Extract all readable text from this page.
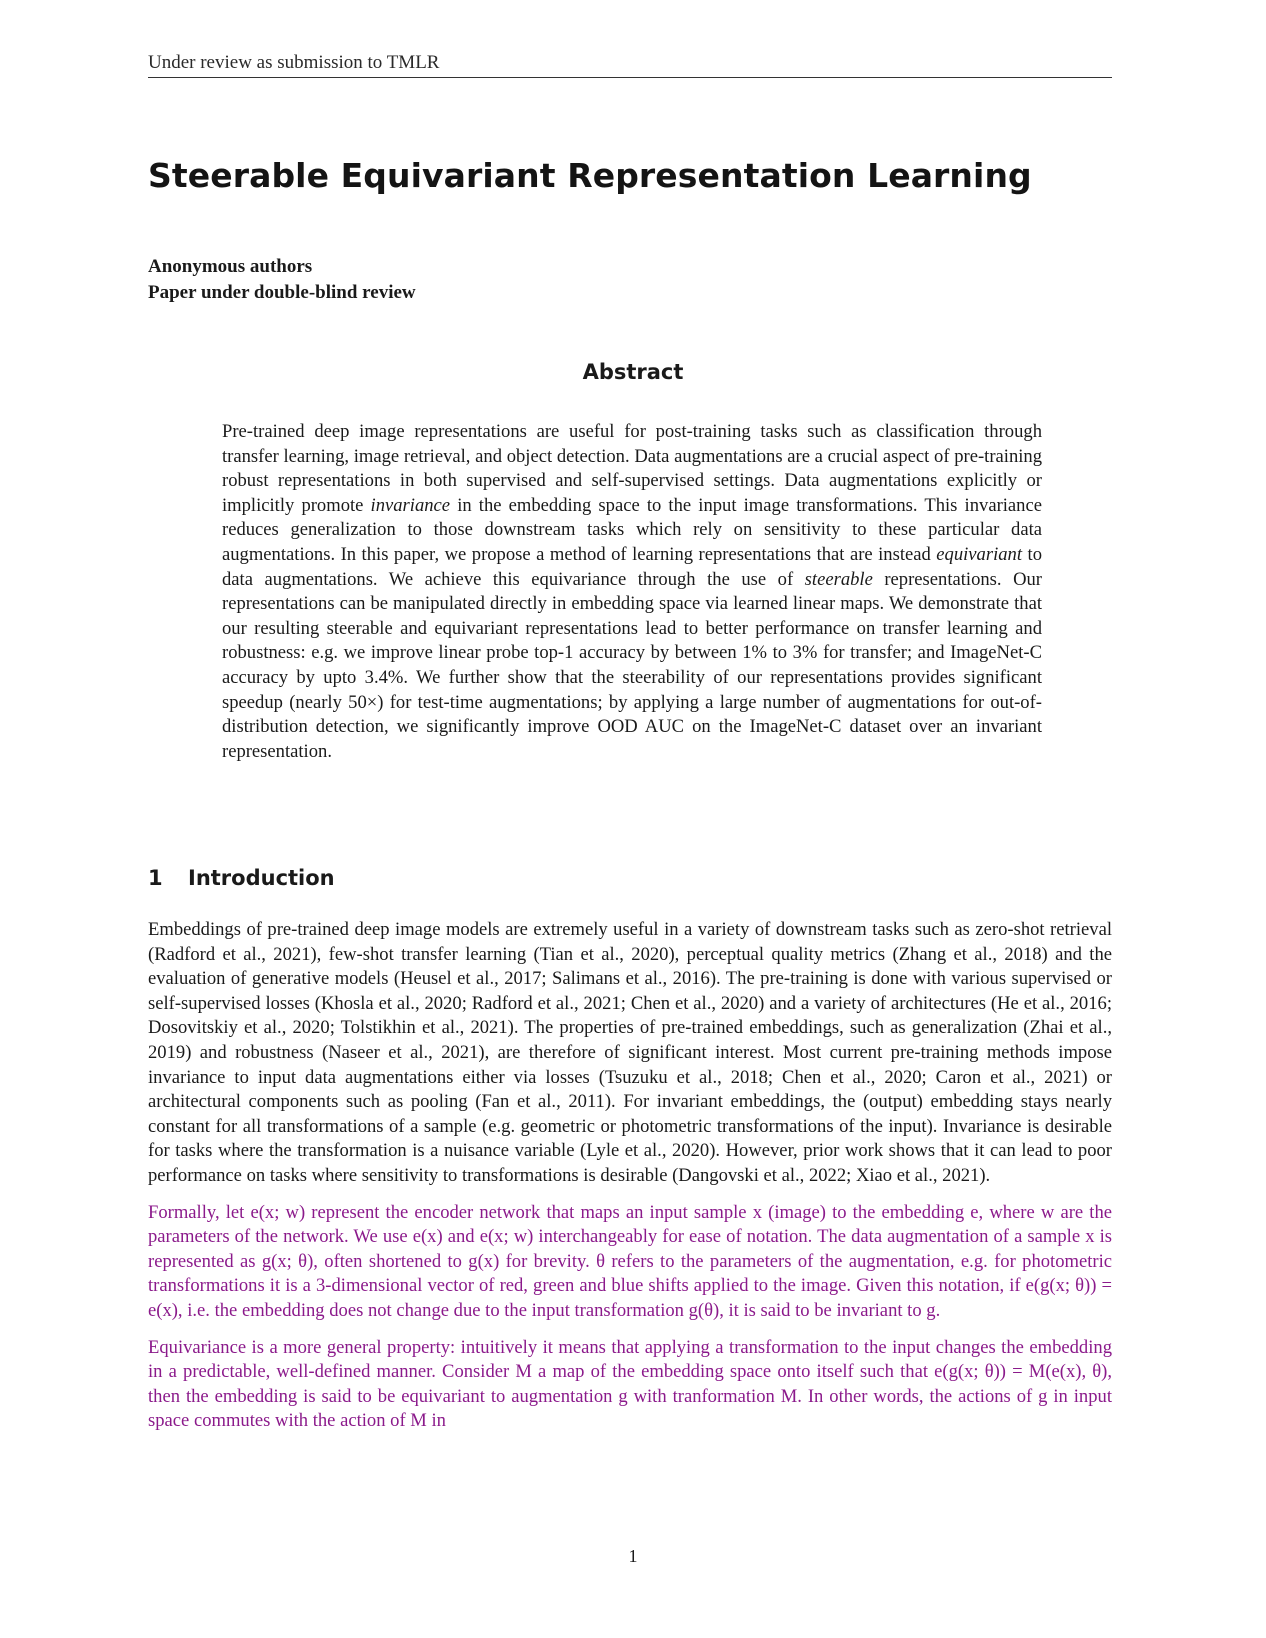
Under review as submission to TMLR
Steerable Equivariant Representation Learning
Anonymous authors
Paper under double-blind review
Abstract
Pre-trained deep image representations are useful for post-training tasks such as classification through transfer learning, image retrieval, and object detection. Data augmentations are a crucial aspect of pre-training robust representations in both supervised and self-supervised settings. Data augmentations explicitly or implicitly promote invariance in the embedding space to the input image transformations. This invariance reduces generalization to those downstream tasks which rely on sensitivity to these particular data augmentations. In this paper, we propose a method of learning representations that are instead equivariant to data augmentations. We achieve this equivariance through the use of steerable representations. Our representations can be manipulated directly in embedding space via learned linear maps. We demonstrate that our resulting steerable and equivariant representations lead to better performance on transfer learning and robustness: e.g. we improve linear probe top-1 accuracy by between 1% to 3% for transfer; and ImageNet-C accuracy by upto 3.4%. We further show that the steerability of our representations provides significant speedup (nearly 50×) for test-time augmentations; by applying a large number of augmentations for out-of-distribution detection, we significantly improve OOD AUC on the ImageNet-C dataset over an invariant representation.
1 Introduction

Embeddings of pre-trained deep image models are extremely useful in a variety of downstream tasks such as zero-shot retrieval (Radford et al., 2021), few-shot transfer learning (Tian et al., 2020), perceptual quality metrics (Zhang et al., 2018) and the evaluation of generative models (Heusel et al., 2017; Salimans et al., 2016). The pre-training is done with various supervised or self-supervised losses (Khosla et al., 2020; Radford et al., 2021; Chen et al., 2020) and a variety of architectures (He et al., 2016; Dosovitskiy et al., 2020; Tolstikhin et al., 2021). The properties of pre-trained embeddings, such as generalization (Zhai et al., 2019) and robustness (Naseer et al., 2021), are therefore of significant interest. Most current pre-training methods impose invariance to input data augmentations either via losses (Tsuzuku et al., 2018; Chen et al., 2020; Caron et al., 2021) or architectural components such as pooling (Fan et al., 2011). For invariant embeddings, the (output) embedding stays nearly constant for all transformations of a sample (e.g. geometric or photometric transformations of the input). Invariance is desirable for tasks where the transformation is a nuisance variable (Lyle et al., 2020). However, prior work shows that it can lead to poor performance on tasks where sensitivity to transformations is desirable (Dangovski et al., 2022; Xiao et al., 2021).

Formally, let e(x; w) represent the encoder network that maps an input sample x (image) to the embedding e, where w are the parameters of the network. We use e(x) and e(x; w) interchangeably for ease of notation. The data augmentation of a sample x is represented as g(x; θ), often shortened to g(x) for brevity. θ refers to the parameters of the augmentation, e.g. for photometric transformations it is a 3-dimensional vector of red, green and blue shifts applied to the image. Given this notation, if e(g(x; θ)) = e(x), i.e. the embedding does not change due to the input transformation g(θ), it is said to be invariant to g.

Equivariance is a more general property: intuitively it means that applying a transformation to the input changes the embedding in a predictable, well-defined manner. Consider M a map of the embedding space onto itself such that e(g(x; θ)) = M(e(x), θ), then the embedding is said to be equivariant to augmentation g with tranformation M. In other words, the actions of g in input space commutes with the action of M in

1
